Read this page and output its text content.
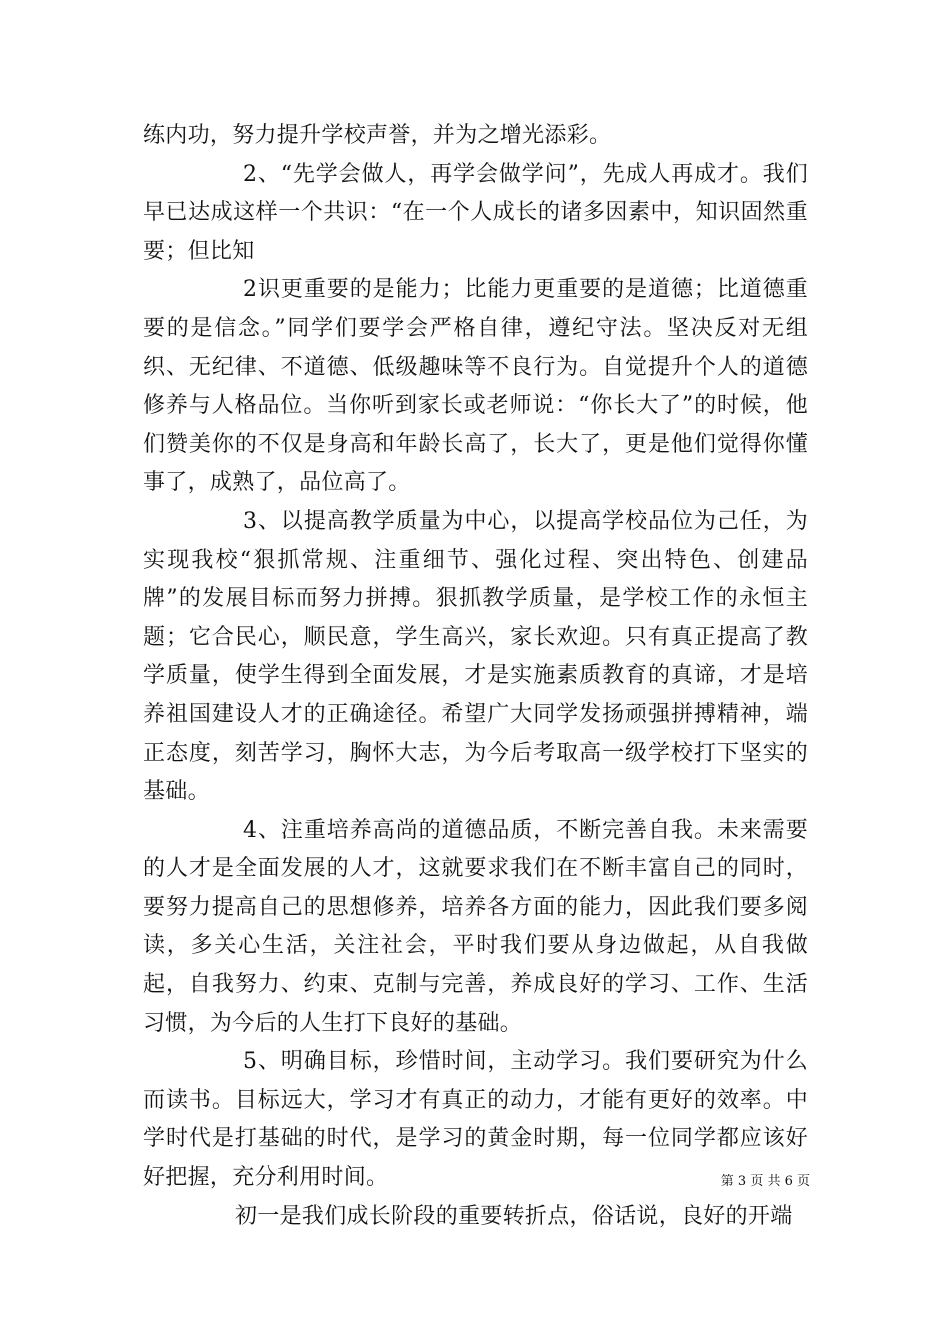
练内功，努力提升学校声誉，并为之增光添彩。

2、“先学会做人，再学会做学问”，先成人再成才。我们早已达成这样一个共识：“在一个人成长的诸多因素中，知识固然重要；但比知

2识更重要的是能力；比能力更重要的是道德；比道德重要的是信念。”同学们要学会严格自律，遵纪守法。坚决反对无组织、无纪律、不道德、低级趣味等不良行为。自觉提升个人的道德修养与人格品位。当你听到家长或老师说：“你长大了”的时候，他们赞美你的不仅是身高和年龄长高了，长大了，更是他们觉得你懂事了，成熟了，品位高了。

3、以提高教学质量为中心，以提高学校品位为己任，为实现我校“狠抓常规、注重细节、强化过程、突出特色、创建品牌”的发展目标而努力拼搏。狠抓教学质量，是学校工作的永恒主题；它合民心，顺民意，学生高兴，家长欢迎。只有真正提高了教学质量，使学生得到全面发展，才是实施素质教育的真谛，才是培养祖国建设人才的正确途径。希望广大同学发扬顽强拼搏精神，端正态度，刻苦学习，胸怀大志，为今后考取高一级学校打下坚实的基础。

4、注重培养高尚的道德品质，不断完善自我。未来需要的人才是全面发展的人才，这就要求我们在不断丰富自己的同时，要努力提高自己的思想修养，培养各方面的能力，因此我们要多阅读，多关心生活，关注社会，平时我们要从身边做起，从自我做起，自我努力、约束、克制与完善，养成良好的学习、工作、生活习惯，为今后的人生打下良好的基础。

5、明确目标，珍惜时间，主动学习。我们要研究为什么而读书。目标远大，学习才有真正的动力，才能有更好的效率。中学时代是打基础的时代，是学习的黄金时期，每一位同学都应该好好把握，充分利用时间。

初一是我们成长阶段的重要转折点，俗话说，良好的开端

第 3 页 共 6 页
